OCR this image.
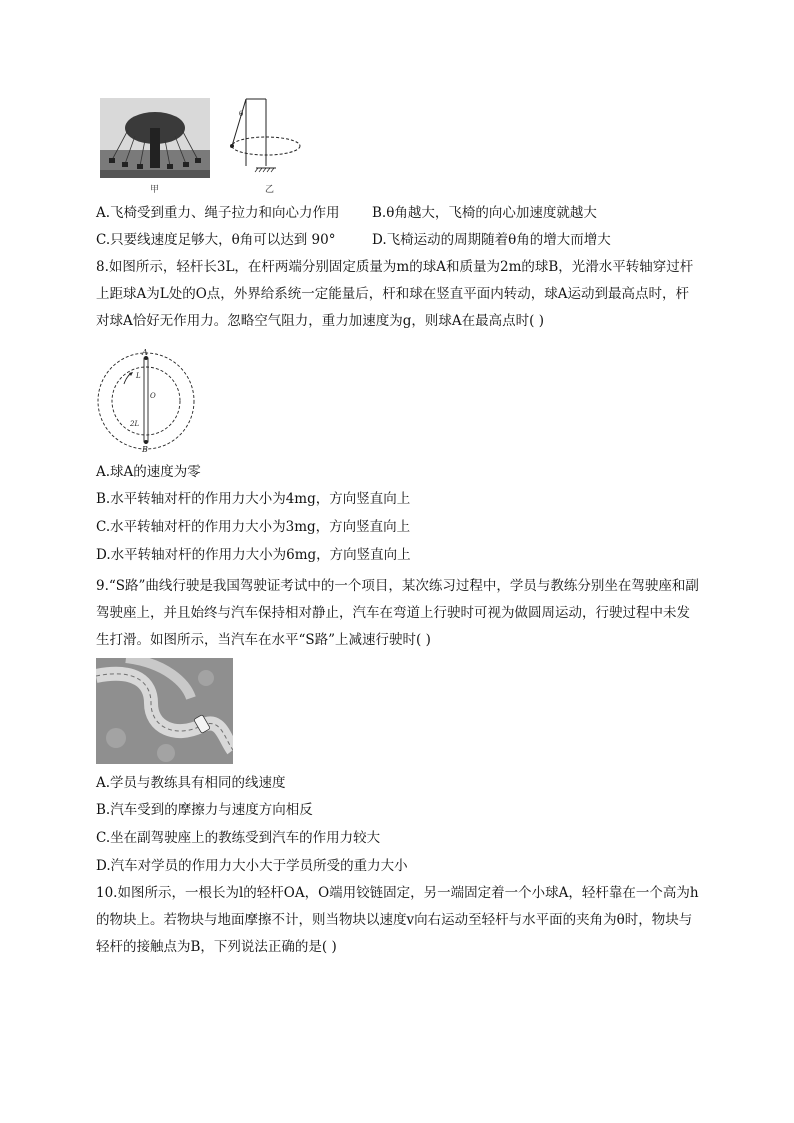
甲
θ
乙
A.飞椅受到重力、绳子拉力和向心力作用 B.θ角越大，飞椅的向心加速度就越大
C.只要线速度足够大，θ角可以达到 90°	D.飞椅运动的周期随着θ角的增大而增大
8.如图所示，轻杆长3L，在杆两端分别固定质量为m的球A和质量为2m的球B，光滑水平转轴穿过杆上距球A为L处的O点，外界给系统一定能量后，杆和球在竖直平面内转动，球A运动到最高点时，杆对球A恰好无作用力。忽略空气阻力，重力加速度为g，则球A在最高点时( )
A
B
O
L
2L
A.球A的速度为零
B.水平转轴对杆的作用力大小为4mg，方向竖直向上
C.水平转轴对杆的作用力大小为3mg，方向竖直向上
D.水平转轴对杆的作用力大小为6mg，方向竖直向上
9.“S路”曲线行驶是我国驾驶证考试中的一个项目，某次练习过程中，学员与教练分别坐在驾驶座和副驾驶座上，并且始终与汽车保持相对静止，汽车在弯道上行驶时可视为做圆周运动，行驶过程中未发生打滑。如图所示，当汽车在水平“S路”上减速行驶时( )
A.学员与教练具有相同的线速度
B.汽车受到的摩擦力与速度方向相反
C.坐在副驾驶座上的教练受到汽车的作用力较大
D.汽车对学员的作用力大小大于学员所受的重力大小
10.如图所示，一根长为l的轻杆OA，O端用铰链固定，另一端固定着一个小球A，轻杆靠在一个高为h的物块上。若物块与地面摩擦不计，则当物块以速度v向右运动至轻杆与水平面的夹角为θ时，物块与轻杆的接触点为B，下列说法正确的是( )
